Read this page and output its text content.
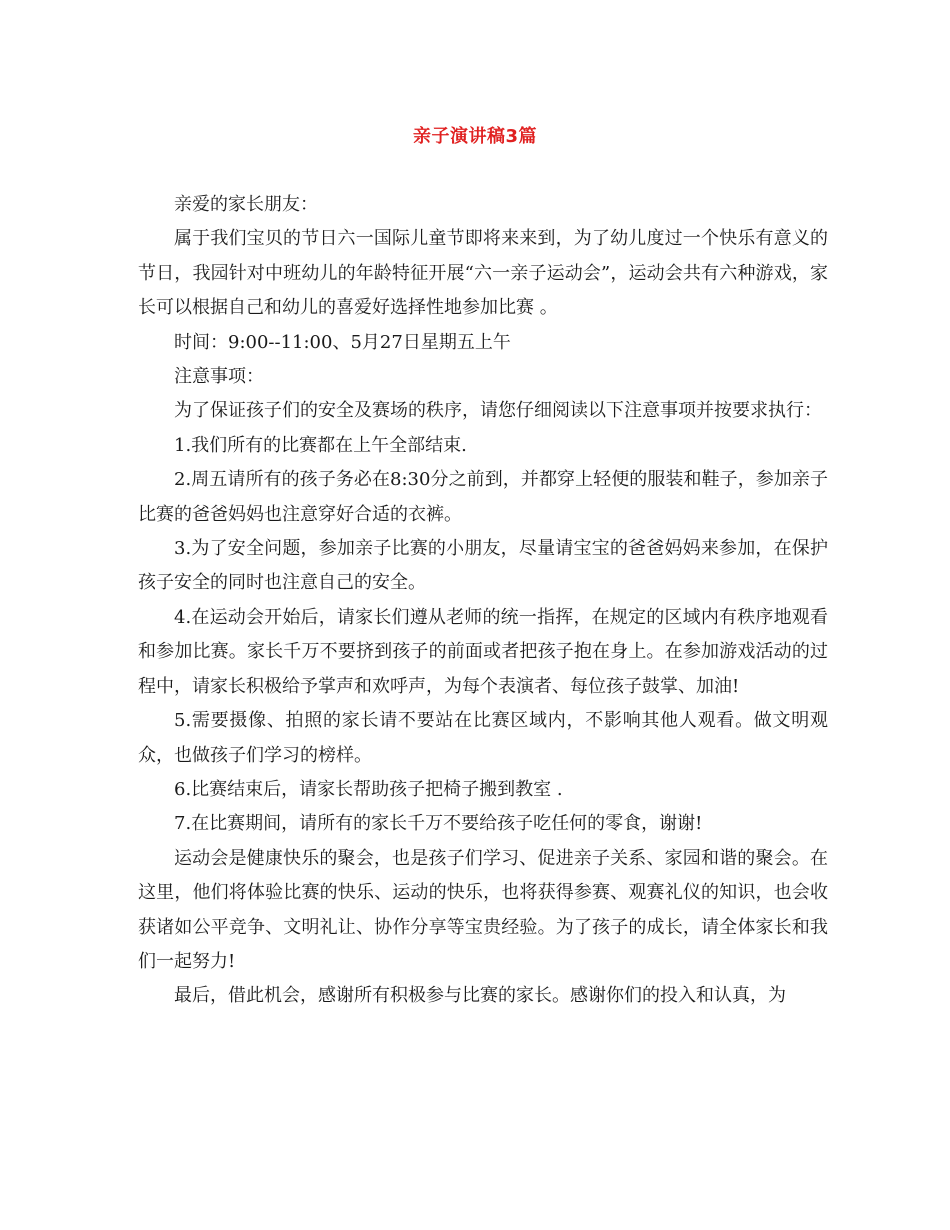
亲子演讲稿3篇

亲爱的家长朋友：

属于我们宝贝的节日六一国际儿童节即将来来到，为了幼儿度过一个快乐有意义的节日，我园针对中班幼儿的年龄特征开展“六一亲子运动会”，运动会共有六种游戏，家长可以根据自己和幼儿的喜爱好选择性地参加比赛 。

时间：9:00--11:00、5月27日星期五上午

注意事项：

为了保证孩子们的安全及赛场的秩序，请您仔细阅读以下注意事项并按要求执行：

1.我们所有的比赛都在上午全部结束.

2.周五请所有的孩子务必在8:30分之前到，并都穿上轻便的服装和鞋子，参加亲子比赛的爸爸妈妈也注意穿好合适的衣裤。

3.为了安全问题，参加亲子比赛的小朋友，尽量请宝宝的爸爸妈妈来参加，在保护孩子安全的同时也注意自己的安全。

4.在运动会开始后，请家长们遵从老师的统一指挥，在规定的区域内有秩序地观看和参加比赛。家长千万不要挤到孩子的前面或者把孩子抱在身上。在参加游戏活动的过程中，请家长积极给予掌声和欢呼声，为每个表演者、每位孩子鼓掌、加油!

5.需要摄像、拍照的家长请不要站在比赛区域内，不影响其他人观看。做文明观众，也做孩子们学习的榜样。

6.比赛结束后，请家长帮助孩子把椅子搬到教室 .

7.在比赛期间，请所有的家长千万不要给孩子吃任何的零食，谢谢!

运动会是健康快乐的聚会，也是孩子们学习、促进亲子关系、家园和谐的聚会。在这里，他们将体验比赛的快乐、运动的快乐，也将获得参赛、观赛礼仪的知识，也会收获诸如公平竞争、文明礼让、协作分享等宝贵经验。为了孩子的成长，请全体家长和我们一起努力!

最后，借此机会，感谢所有积极参与比赛的家长。感谢你们的投入和认真，为
